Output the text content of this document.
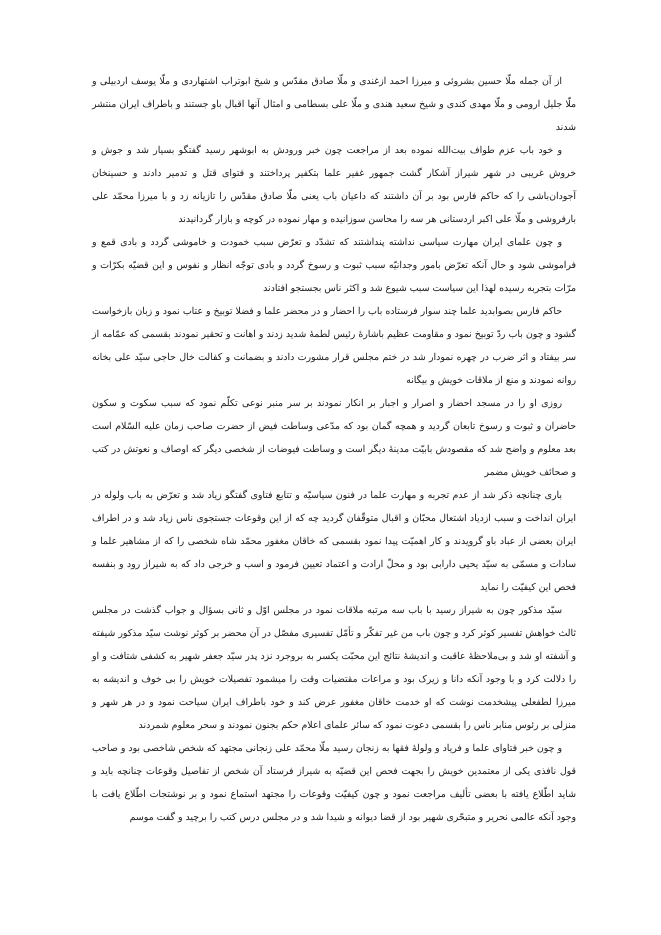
از آن جمله ملّا حسین بشروئی و میرزا احمد ازغندی و ملّا صادق مقدّس و شیخ ابوتراب اشتهاردی و ملّا یوسف اردبیلی و ملّا جلیل ارومی و ملّا مهدی کندی و شیخ سعید هندی و ملّا علی بسطامی و امثال آنها اقبال باو جستند و باطراف ایران منتشر شدند

و خود باب عزم طواف بیت‌الله نموده بعد از مراجعت چون خبر ورودش به ابوشهر رسید گفتگو بسیار شد و جوش و خروش غریبی در شهر شیراز آشکار گشت جمهور غفیر علما بتکفیر پرداختند و فتوای قتل و تدمیر دادند و حسینخان آجودان‌باشی را که حاکم فارس بود بر آن داشتند که داعیان باب یعنی ملّا صادق مقدّس را تازیانه زد و با میرزا محمّد علی بارفروشی و ملّا علی اکبر اردستانی هر سه را محاسن سوزانیده و مهار نموده در کوچه و بازار گردانیدند

و چون علمای ایران مهارت سیاسی نداشته پنداشتند که تشدّد و تعرّض سبب خمودت و خاموشی گردد و بادی قمع و فراموشی شود و حال آنکه تعرّض بامور وجدانیّه سبب ثبوت و رسوخ گردد و بادی توجّه انظار و نفوس و این قضیّه بکرّات و مرّات بتجربه رسیده لهذا این سیاست سبب شیوع شد و اکثر ناس بجستجو افتادند

حاکم فارس بصوابدید علما چند سوار فرستاده باب را احضار و در محضر علما و فضلا توبیخ و عتاب نمود و زبان بازخواست گشود و چون باب ردّ توبیخ نمود و مقاومت عظیم باشارهٔ رئیس لطمهٔ شدید زدند و اهانت و تحقیر نمودند بقسمی که عمّامه از سر بیفتاد و اثر ضرب در چهره نمودار شد در ختم مجلس قرار مشورت دادند و بضمانت و کفالت خال حاجی سیّد علی بخانه روانه نمودند و منع از ملاقات خویش و بیگانه

روزی او را در مسجد احضار و اصرار و اجبار بر انکار نمودند بر سر منبر نوعی تکلّم نمود که سبب سکوت و سکون حاضران و ثبوت و رسوخ تابعان گردید و همچه گمان بود که مدّعی وساطت فیض از حضرت صاحب زمان علیه السّلام است بعد معلوم و واضح شد که مقصودش بابیّت مدینهٔ دیگر است و وساطت فیوضات از شخصی دیگر که اوصاف و نعوتش در کتب و صحائف خویش مضمر

باری چنانچه ذکر شد از عدم تجربه و مهارت علما در فنون سیاسیّه و تتابع فتاوی گفتگو زیاد شد و تعرّض به باب ولوله در ایران انداخت و سبب ازدیاد اشتعال محبّان و اقبال متوقّفان گردید چه که از این وقوعات جستجوی ناس زیاد شد و در اطراف ایران بعضی از عباد باو گرویدند و کار اهمیّت پیدا نمود بقسمی که خاقان مغفور محمّد شاه شخصی را که از مشاهیر علما و سادات و مسمّی به سیّد یحیی دارابی بود و محلّ ارادت و اعتماد تعیین فرمود و اسب و خرجی داد که به شیراز رود و بنفسه فحص این کیفیّت را نماید

سیّد مذکور چون به شیراز رسید با باب سه مرتبه ملاقات نمود در مجلس اوّل و ثانی بسؤال و جواب گذشت در مجلس ثالث خواهش تفسیر کوثر کرد و چون باب من غیر تفکّر و تأمّل تفسیری مفصّل در آن محضر بر کوثر نوشت سیّد مذکور شیفته و آشفته او شد و بی‌ملاحظهٔ عاقبت و اندیشهٔ نتائج این محبّت یکسر به بروجرد نزد پدر سیّد جعفر شهیر به کشفی شتافت و او را دلالت کرد و با وجود آنکه دانا و زیرک بود و مراعات مقتضیات وقت را میشمود تفصیلات خویش را بی خوف و اندیشه به میرزا لطفعلی پیشخدمت نوشت که او خدمت خاقان مغفور عرض کند و خود باطراف ایران سیاحت نمود و در هر شهر و منزلی بر رئوس منابر ناس را بقسمی دعوت نمود که سائر علمای اعلام حکم بجنون نمودند و سحر معلوم شمردند

و چون خبر فتاوای علما و فریاد و ولولهٔ فقها به زنجان رسید ملّا محمّد علی زنجانی مجتهد که شخص شاخصی بود و صاحب قول نافذی یکی از معتمدین خویش را بجهت فحص این قضیّه به شیراز فرستاد آن شخص از تفاصیل وقوعات چنانچه باید و شاید اطّلاع یافته با بعضی تألیف مراجعت نمود و چون کیفیّت وقوعات را مجتهد استماع نمود و بر نوشتجات اطّلاع یافت با وجود آنکه عالمی نحریر و متبحّری شهیر بود از قضا دیوانه و شیدا شد و در مجلس درس کتب را برچید و گفت موسم
